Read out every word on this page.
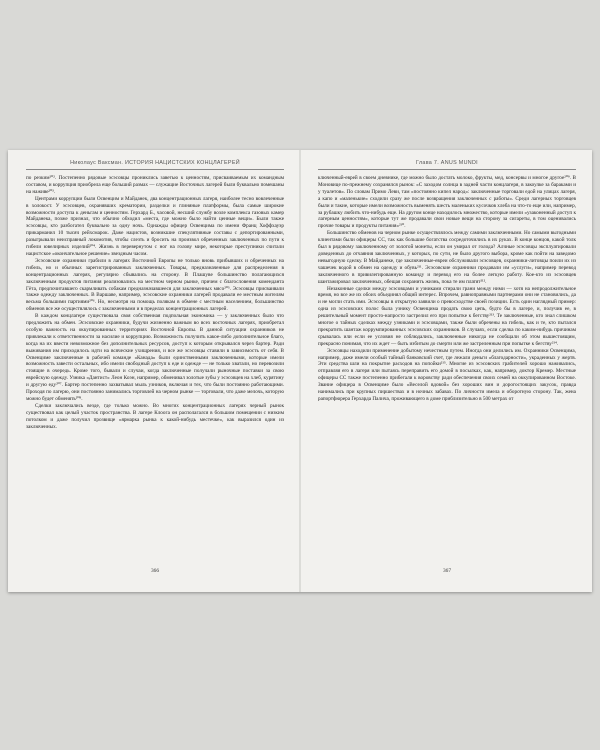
Николаус Ваксман. ИСТОРИЯ НАЦИСТСКИХ КОНЦЛАГЕРЕЙ

по резким²⁰². Постепенно рядовые эсэсовцы прониклись заветью к ценностям, присваиваемым их командным составом, и коррупция приобрела еще больший размах — служащие Восточных лагерей были буквально помешаны на наживе²⁰³.

Центрами коррупции были Освенцим и Майданек, два концентрационных лагеря, наиболее тесно вовлеченные в холокост. У эсэсовцев, охранявших крематории, разделки и глиняные платформы, была самые широкие возможности доступа к деньгам и ценностям. Герхард Б., часовой, несший службу возле комплекса газовых камер Майданека, позже признал, что обычно обходил «места, где можно было найти ценные вещи». Были также эсэсовцы, кто разбогател буквально за одну ночь. Однажды офицер Освенцима по имени Франц Хоффхауэр прикарманил 10 тысяч рейхсмарок. Даже нацистов, возникшие спекулятивные составы с депортированными, разыгрывали неисправный локомотив, чтобы слезть и бросить на произвол обреченных заключенных по пути к гибели ювелирных изделий²⁰⁴. Жизнь в перевернутом с ног на голову мире, некоторые преступники считали нацистское «окончательное решение» звездным часом.

Эсэсовские охранники грабили в лагерях Восточной Европы не только вновь прибывших и обреченных на гибель, но и обычных зарегистрированных заключенных. Товары, предназначенные для распределения в концентрационных лагерях, регулярно сбывались на сторону. В Плашуве большинство полагающихся заключенным продуктов питания реализовались на местном черном рынке, причем с благословения коменданта Гёта, предпочитавшего скармливать собакам предназначавшееся для заключенных мясо²⁰⁵. Эсэсовцы присваивали также одежду заключенных. В Варшаве, например, эсэсовские охранники лагерей продавали ее местным жителям весьма большими партиями²⁰⁶. Но, несмотря на помощь полякам в обмене с местным населением, большинство обменов все же осуществлялось с заключенными и в пределах концентрационных лагерей.

В каждом концлагере существовала своя собственная подпольная экономика — у заключенных было что предложить на обмен. Эсэсовские охранники, будучи жизненно важным во всех восточных лагерях, приобретал особую важность на оккупированных территориях Восточной Европы. В данной ситуации охранников не привлекали к ответственности за насилие и коррупцию. Возможность получить какое-либо дополнительное благо, когда на их ввести невозможное без дополнительных ресурсов, доступ к которым открывался через бартер. Ради выживания им приходилось идти на всяческие ухищрения, и все же эсэсовцы ставили в зависимость от себя. В Освенциме заключенные в рабочей команде «Канада» были единственными заключенными, которые имели возможность завести остальных, ибо имели свободный доступ к еде и одежде — не только хватали, но перевозили стоящие в очередь. Кроме того, бывали и случаи, когда заключенные получали рыночные поставки за свою еврейскую одежду. Узника «Дантист» Леон Коэн, например, обменивал золотые зубы у эсэсовцев на хлеб, курятину и другую еду²⁰⁷. Бартер постепенно захватывал мыль узников, включая и тех, что были постоянно работающими. Проходя по лагерю, они постоянно занимались торговлей на черном рынке — торговали, что даже мелочь, которую можно будет обменять²⁰⁸.

Сделки заключались везде, где только можно. Во многих концентрационных лагерях черный рынок существовал как целый участок пространства. В лагере Клоога он располагался в большом помещении с низким потолком и даже получил прозвище «ярмарка рынка к какой-нибудь местечке», как выразился один из заключенных.

366
Глава 7. ANUS MUNDI

ключенный-еврей в своем дневнике, где можно было достать молоко, фрукты, мед, консервы и многое другое²⁰⁹. В Моновице по-прежнему сохранялся рынок: «С заходом солнца в задней части концлагеря, в закоулке за бараками и у туалетов». По словам Примо Леви, там «постоянно кипел народ»: заключенные торговали едой на улицах лагеря, а капо и «маленькие» сходили сразу же после возвращения заключенных с работы». Среди лагерных торговцев были и такие, которые имели возможность выменять шесть маленьких кусочков хлеба на что-то еще или, например, за рубашку любить что-нибудь еще. На другом конце находилось множество, которые имели «узаконенный доступ к лагерным ценностям», которые тут же продавали свои новые вещи на сторону за сигареты, в том оценивались прочие товары и продукты питания»²¹⁰.

Большинство обменов на черном рынке осуществлялось между самими заключенными. Но самыми выгодными клиентами были офицеры СС, так как большие богатства сосредоточились в их руках. В конце концов, какой толк был в рядовому заключенному от золотой монеты, если он умирал от голода? Алчные эсэсовцы эксплуатировали доведенных до отчаяния заключенных, у которых, по сути, не было другого выбора, кроме как пойти на заведомо невыгодную сделку. В Майданеке, где заключенные-евреи обслуживали эсэсовцев, охранники-литовцы поили их из чашечек водой в обмен на одежду и обувь²¹¹. Эсэсовские охранники продавали им «услуги», например перевод заключенного в привилегированную команду и перевод его на более легкую работу. Кое-кто из эсэсовцев шантажировал заключенных, обещая сохранить жизнь, пока те им платят²¹².

Незаконные сделки между эсэсовцами и узниками стирали грани между ними — хотя на непродолжительное время, но все же их обоих объединял общий интерес. Впрочем, равноправными партнерами они не становились, да и не могли стать ими. Эсэсовцы в открытую заявили о превосходстве своей позиции. Есть один наглядный пример: одна из эсэсовских полос была узнику Освенцима продать свою цепь, будто бы в лагере, и, получив ее, в решительный момент просто-напросто застрелил его при попытке к бегству²¹³. Те заключенные, кто знал слишком многое о тайных сделках между узниками и эсэсовцами, также были обречены на гибель, как и те, кто пытался прекратить шантаж коррумпированных эсэсовских охранников. В случаях, если сделка по каким-нибудь причинам срывалась или если ее условия не соблюдались, заключенные никогда не сообщали об этом вышестоящим, прекрасно понимая, что их ждет — быть избитым до смерти или же застреленным при попытке к бегству²¹⁴.

Эсэсовцы находили применение добытому нечестным путем. Иногда они делились им. Охранники Освенцима, например, даже имели особый тайный банковский счет, где лежали деньги «благодарности», украденных у жертв. Эти средства шли на покрытие расходов на попойки²¹⁵. Многие из эсэсовских грабителей хорошо наживались, отправляя его в лагеря или пытаясь переправить его домой в посылках, как, например, доктор Кремер. Местные офицеры СС также постепенно прибегали к воровству ради обеспечения своих семей на оккупированном Востоке. Звание офицера в Освенциме было «Веселой вдовой» без хороших вин и дорогостоящих закусок, правда нанимались при крупных пиршествах и в ночных забавах. По личности имела и оборотную сторону. Так, жена рапортфюрера Герхарда Палича, проживающего в доме приблизительно в 500 метрах от

367
